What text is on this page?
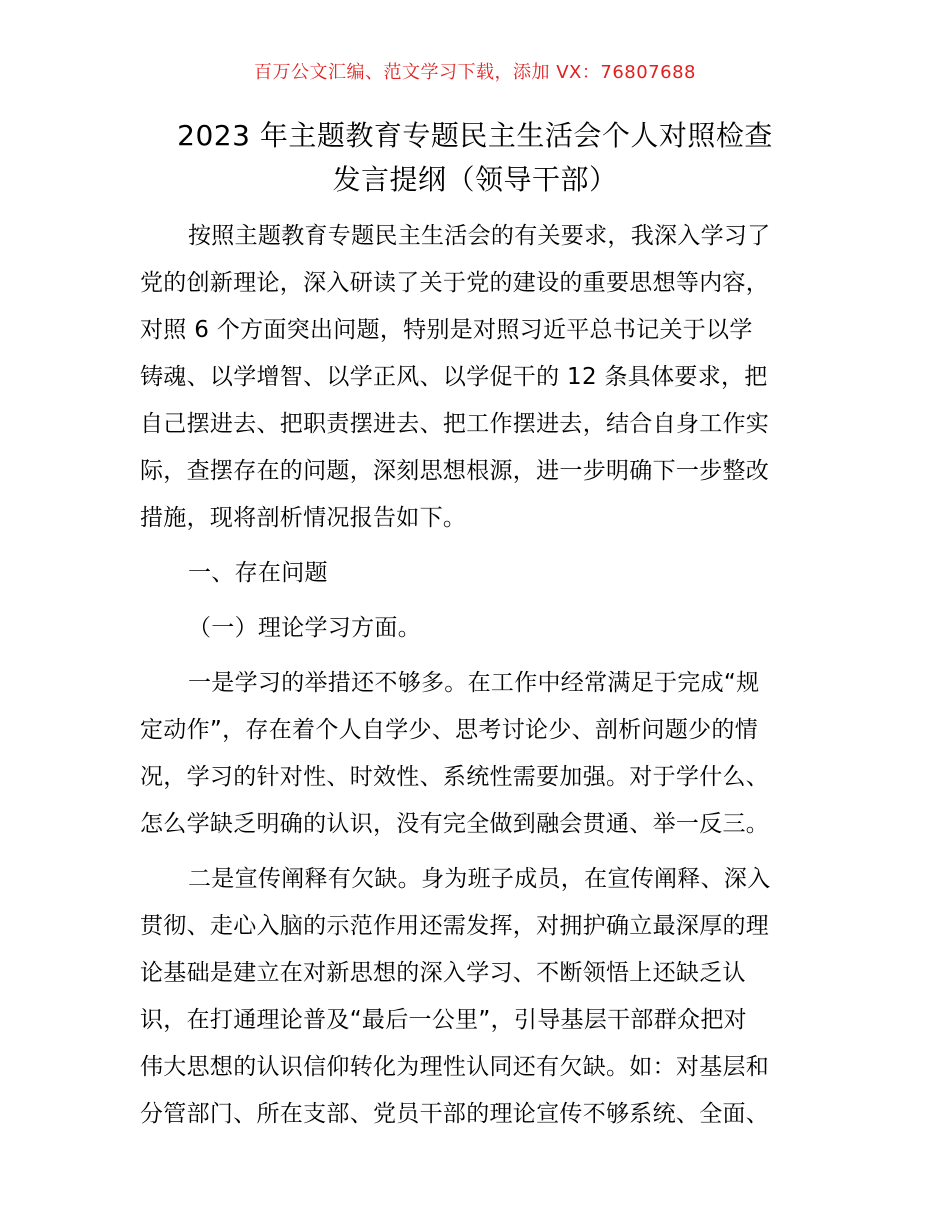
百万公文汇编、范文学习下载，添加 VX：76807688
2023 年主题教育专题民主生活会个人对照检查
发言提纲（领导干部）

按照主题教育专题民主生活会的有关要求，我深入学习了
党的创新理论，深入研读了关于党的建设的重要思想等内容，
对照 6 个方面突出问题，特别是对照习近平总书记关于以学
铸魂、以学增智、以学正风、以学促干的 12 条具体要求，把
自己摆进去、把职责摆进去、把工作摆进去，结合自身工作实
际，查摆存在的问题，深刻思想根源，进一步明确下一步整改
措施，现将剖析情况报告如下。

一、存在问题

（一）理论学习方面。

一是学习的举措还不够多。在工作中经常满足于完成“规
定动作”，存在着个人自学少、思考讨论少、剖析问题少的情
况，学习的针对性、时效性、系统性需要加强。对于学什么、
怎么学缺乏明确的认识，没有完全做到融会贯通、举一反三。

二是宣传阐释有欠缺。身为班子成员，在宣传阐释、深入
贯彻、走心入脑的示范作用还需发挥，对拥护确立最深厚的理
论基础是建立在对新思想的深入学习、不断领悟上还缺乏认
识，在打通理论普及“最后一公里”，引导基层干部群众把对
伟大思想的认识信仰转化为理性认同还有欠缺。如：对基层和
分管部门、所在支部、党员干部的理论宣传不够系统、全面、
